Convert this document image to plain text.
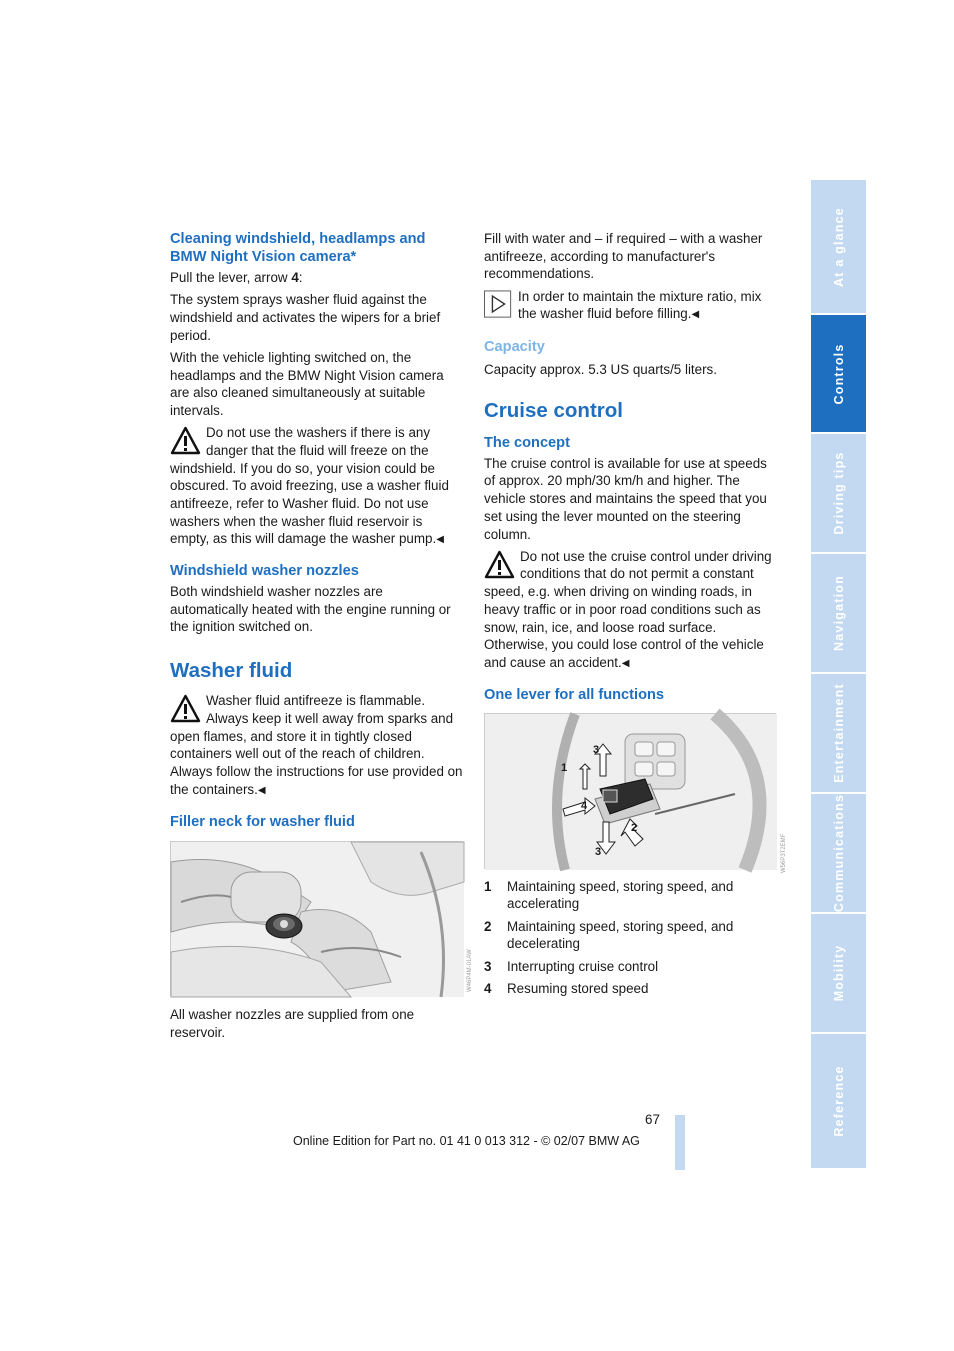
Cleaning windshield, headlamps and BMW Night Vision camera*

Pull the lever, arrow 4:

The system sprays washer fluid against the windshield and activates the wipers for a brief period.

With the vehicle lighting switched on, the headlamps and the BMW Night Vision camera are also cleaned simultaneously at suitable intervals.

Do not use the washers if there is any danger that the fluid will freeze on the windshield. If you do so, your vision could be obscured. To avoid freezing, use a washer fluid antifreeze, refer to Washer fluid. Do not use washers when the washer fluid reservoir is empty, as this will damage the washer pump.◀

Windshield washer nozzles

Both windshield washer nozzles are automatically heated with the engine running or the ignition switched on.

Washer fluid

Washer fluid antifreeze is flammable. Always keep it well away from sparks and open flames, and store it in tightly closed containers well out of the reach of children. Always follow the instructions for use provided on the containers.◀

Filler neck for washer fluid
W46P4M-01AW

All washer nozzles are supplied from one reservoir.

Fill with water and – if required – with a washer antifreeze, according to manufacturer's recommendations.

In order to maintain the mixture ratio, mix the washer fluid before filling.◀

Capacity

Capacity approx. 5.3 US quarts/5 liters.

Cruise control
The concept

The cruise control is available for use at speeds of approx. 20 mph/30 km/h and higher. The vehicle stores and maintains the speed that you set using the lever mounted on the steering column.

Do not use the cruise control under driving conditions that do not permit a constant speed, e.g. when driving on winding roads, in heavy traffic or in poor road conditions such as snow, rain, ice, and loose road surface. Otherwise, you could lose control of the vehicle and cause an accident.◀

One lever for all functions
3
1
4
2
3	W56P3T2EMF
1	Maintaining speed, storing speed, and accelerating
2	Maintaining speed, storing speed, and decelerating
3	Interrupting cruise control
4	Resuming stored speed
At a glance
Controls
Driving tips
Navigation
Entertainment
Communications
Mobility
Reference
67
Online Edition for Part no. 01 41 0 013 312 - © 02/07 BMW AG
